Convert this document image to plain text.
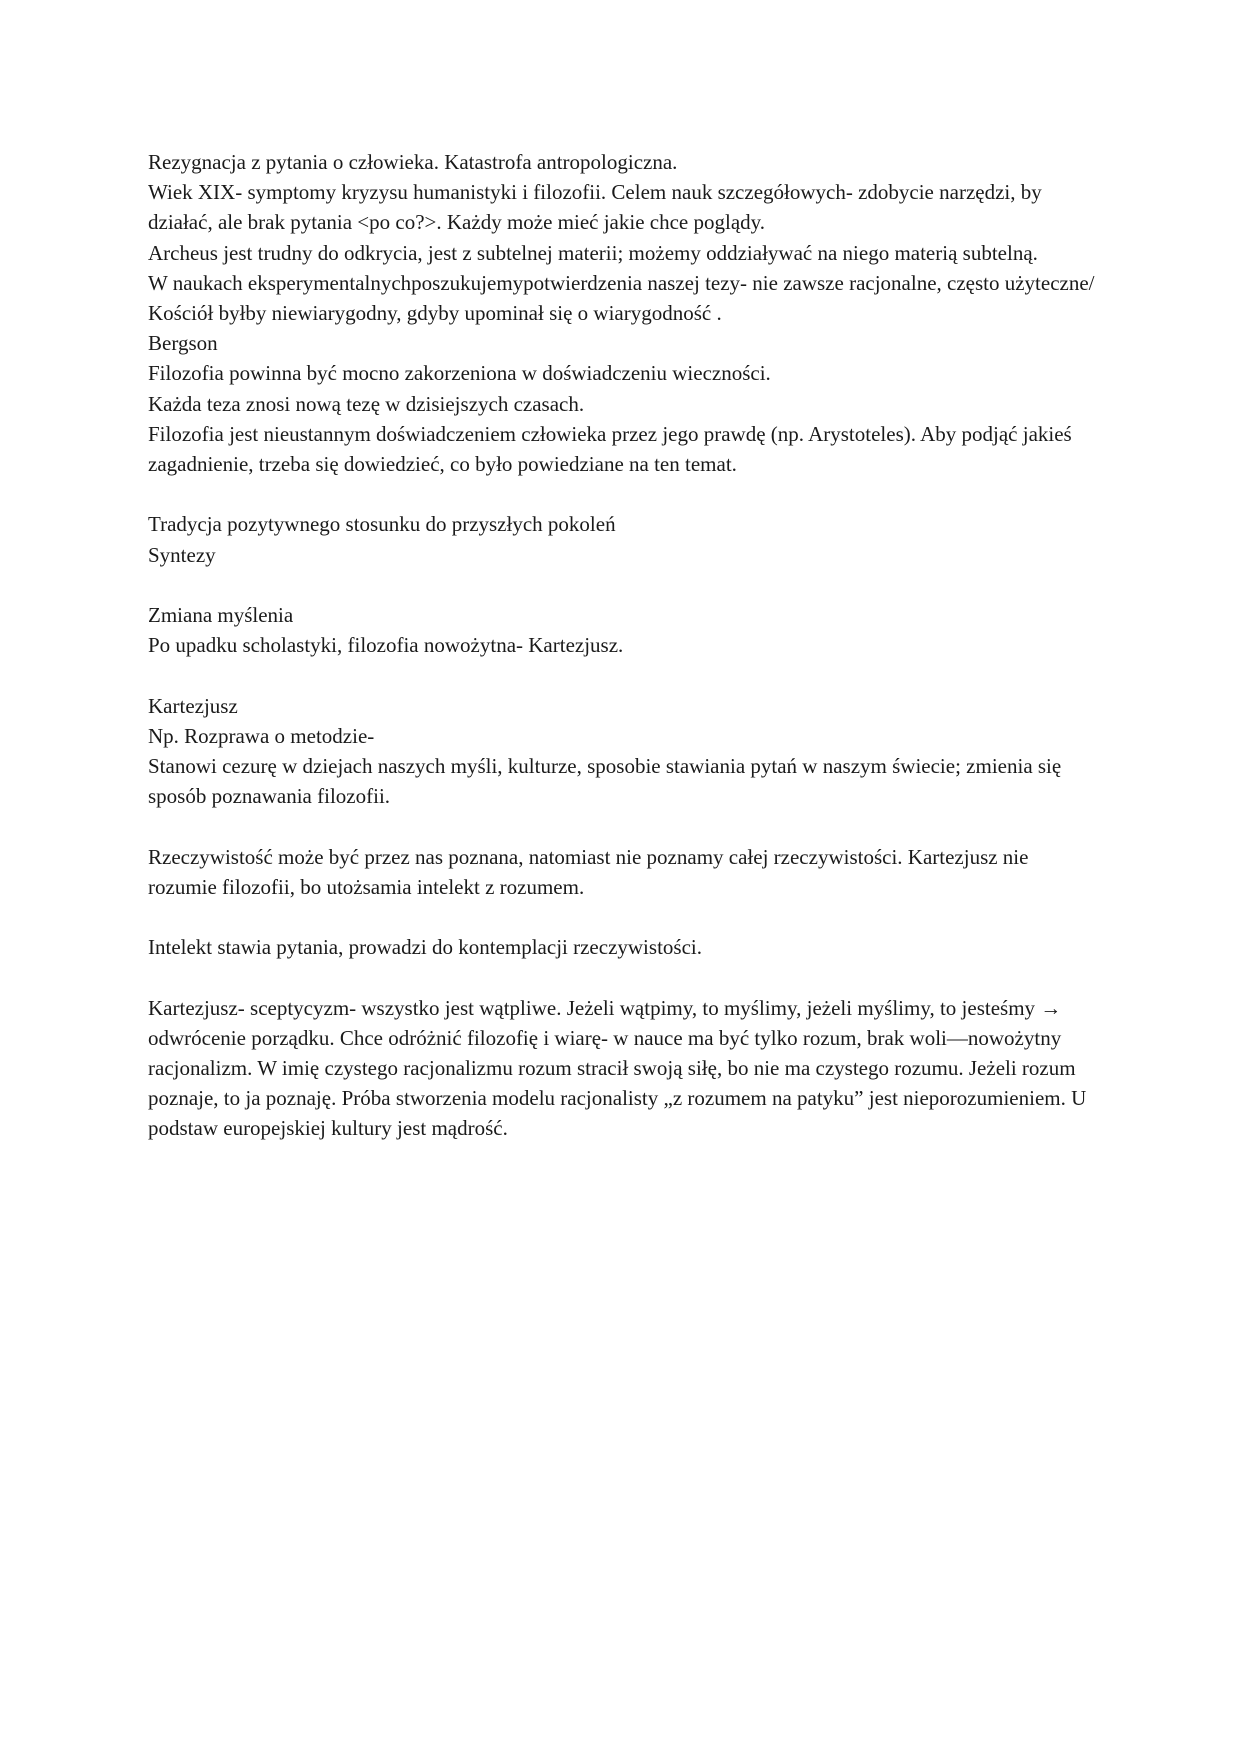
Rezygnacja z pytania o człowieka. Katastrofa antropologiczna.

Wiek XIX- symptomy kryzysu humanistyki i filozofii. Celem nauk szczegółowych- zdobycie narzędzi, by działać, ale brak pytania <po co?>. Każdy może mieć jakie chce poglądy.

Archeus jest trudny do odkrycia, jest z subtelnej materii; możemy oddziaływać na niego materią subtelną.

W naukach eksperymentalnychposzukujemypotwierdzenia naszej tezy- nie zawsze racjonalne, często użyteczne/

Kościół byłby niewiarygodny, gdyby upominał się o wiarygodność .

Bergson

Filozofia powinna być mocno zakorzeniona w doświadczeniu wieczności.

Każda teza znosi nową tezę w dzisiejszych czasach.

Filozofia jest nieustannym doświadczeniem człowieka przez jego prawdę (np. Arystoteles). Aby podjąć jakieś zagadnienie, trzeba się dowiedzieć, co było powiedziane na ten temat.

Tradycja pozytywnego stosunku do przyszłych pokoleń

Syntezy

Zmiana myślenia

Po upadku scholastyki, filozofia nowożytna- Kartezjusz.

Kartezjusz

Np. Rozprawa o metodzie-

Stanowi cezurę w dziejach naszych myśli, kulturze, sposobie stawiania pytań w naszym świecie; zmienia się sposób poznawania filozofii.

Rzeczywistość może być przez nas poznana, natomiast nie poznamy całej rzeczywistości. Kartezjusz nie rozumie filozofii, bo utożsamia intelekt z rozumem.

Intelekt stawia pytania, prowadzi do kontemplacji rzeczywistości.

Kartezjusz- sceptycyzm- wszystko jest wątpliwe. Jeżeli wątpimy, to myślimy, jeżeli myślimy, to jesteśmy → odwrócenie porządku. Chce odróżnić filozofię i wiarę- w nauce ma być tylko rozum, brak woli—nowożytny racjonalizm. W imię czystego racjonalizmu rozum stracił swoją siłę, bo nie ma czystego rozumu. Jeżeli rozum poznaje, to ja poznaję. Próba stworzenia modelu racjonalisty „z rozumem na patyku” jest nieporozumieniem. U podstaw europejskiej kultury jest mądrość.
